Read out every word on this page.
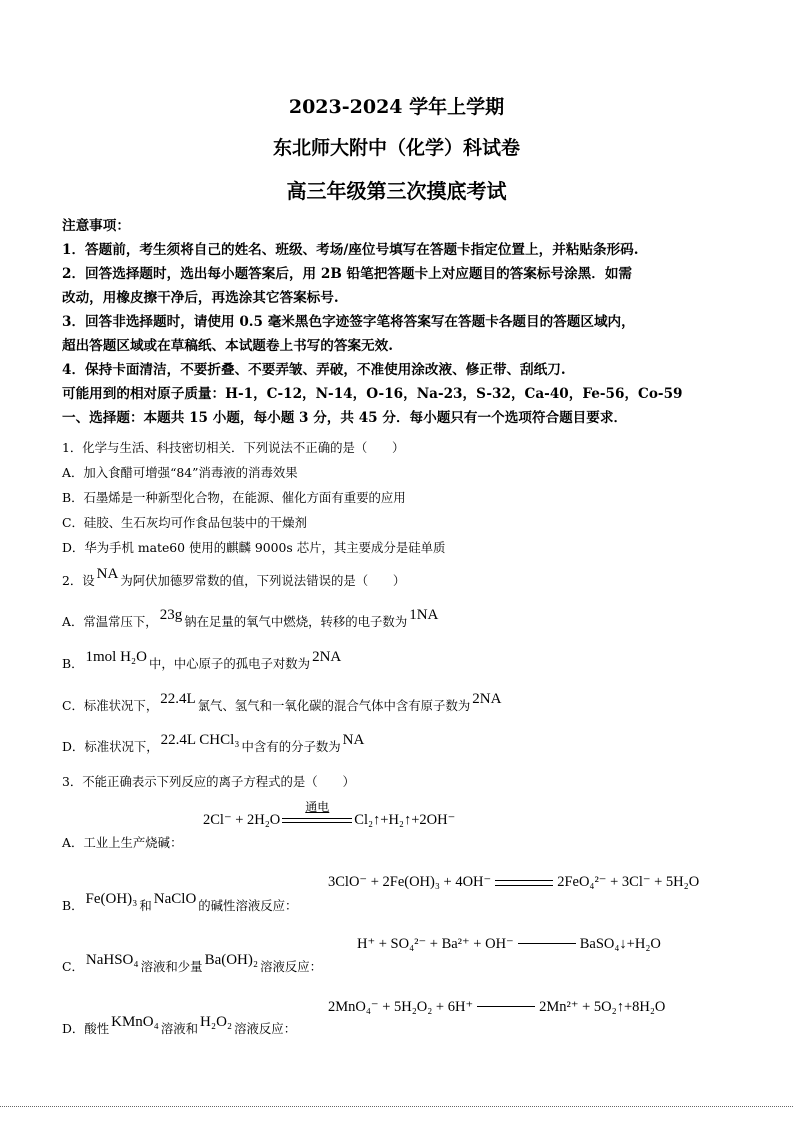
2023-2024 学年上学期
东北师大附中（化学）科试卷
高三年级第三次摸底考试
注意事项：
1．答题前，考生须将自己的姓名、班级、考场/座位号填写在答题卡指定位置上，并粘贴条形码.
2．回答选择题时，选出每小题答案后，用 2B 铅笔把答题卡上对应题目的答案标号涂黑．如需
改动，用橡皮擦干净后，再选涂其它答案标号.
3．回答非选择题时，请使用 0.5 毫米黑色字迹签字笔将答案写在答题卡各题目的答题区域内，
超出答题区域或在草稿纸、本试题卷上书写的答案无效.
4．保持卡面清洁，不要折叠、不要弄皱、弄破，不准使用涂改液、修正带、刮纸刀.
可能用到的相对原子质量：H-1，C-12，N-14，O-16，Na-23，S-32，Ca-40，Fe-56，Co-59
一、选择题：本题共 15 小题，每小题 3 分，共 45 分．每小题只有一个选项符合题目要求．
1．化学与生活、科技密切相关．下列说法不正确的是（　　）
A．加入食醋可增强“84”消毒液的消毒效果
B．石墨烯是一种新型化合物，在能源、催化方面有重要的应用
C．硅胶、生石灰均可作食品包装中的干燥剂
D．华为手机 mate60 使用的麒麟 9000s 芯片，其主要成分是硅单质
2．设 NA 为阿伏加德罗常数的值，下列说法错误的是（　　）
A．常温常压下， 23g 钠在足量的氧气中燃烧，转移的电子数为 1NA
B． 1mol H₂O 中，中心原子的孤电子对数为 2NA
C．标准状况下， 22.4L 氯气、氢气和一氧化碳的混合气体中含有原子数为 2NA
D．标准状况下， 22.4L CHCl₃ 中含有的分子数为 NA
3．不能正确表示下列反应的离子方程式的是（　　）
2Cl⁻ + 2H₂O
通电
Cl₂↑+H₂↑+2OH⁻
A．工业上生产烧碱：
3ClO⁻ + 2Fe(OH)₃ + 4OH⁻	2FeO₄²⁻ + 3Cl⁻ + 5H₂O
B． Fe(OH)₃ 和 NaClO 的碱性溶液反应：
H⁺ + SO₄²⁻ + Ba²⁺ + OH⁻	BaSO₄↓+H₂O
C． NaHSO₄ 溶液和少量 Ba(OH)₂ 溶液反应：
2MnO₄⁻ + 5H₂O₂ + 6H⁺	2Mn²⁺ + 5O₂↑+8H₂O
D．酸性 KMnO₄ 溶液和 H₂O₂ 溶液反应：
